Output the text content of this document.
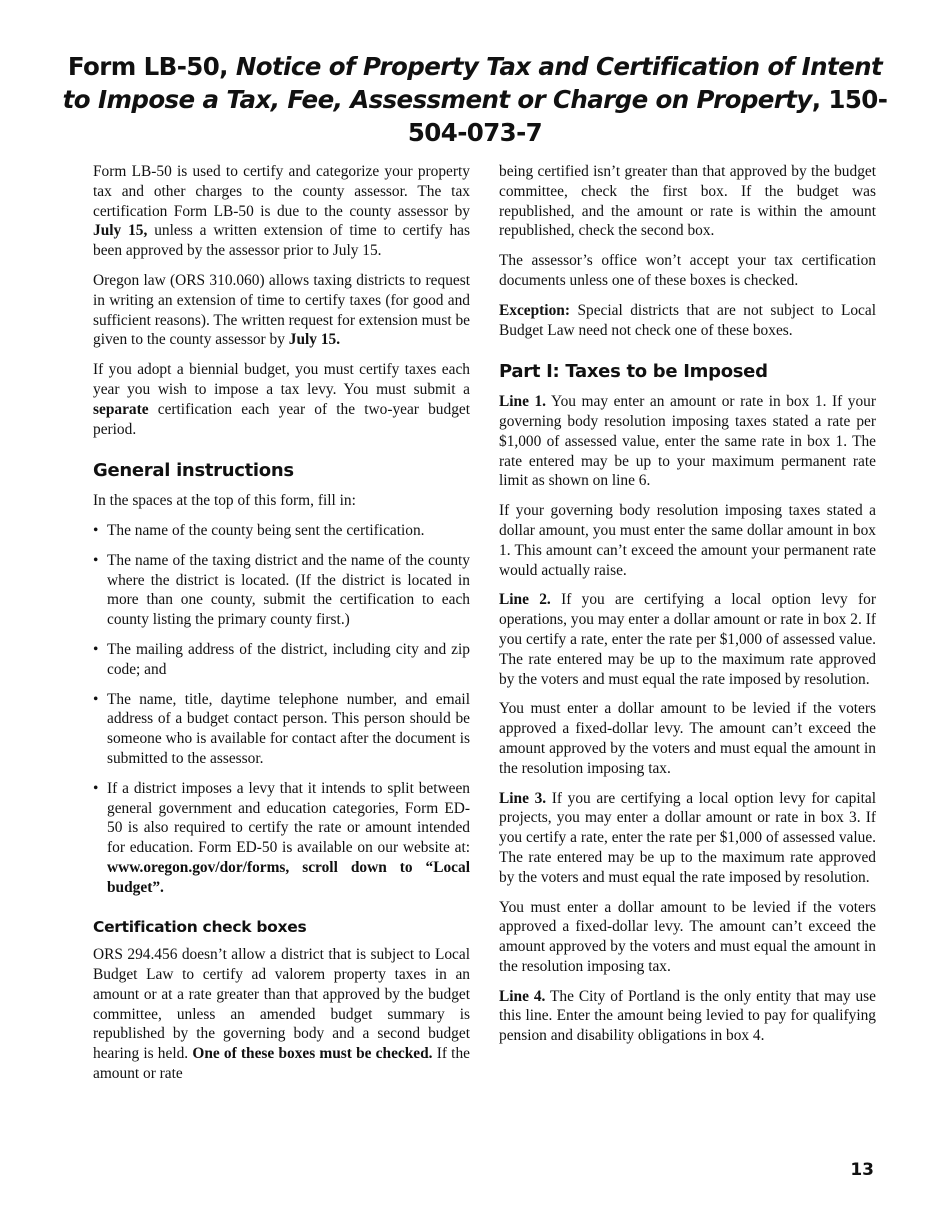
Form LB-50, Notice of Property Tax and Certification of Intent to Impose a Tax, Fee, Assessment or Charge on Property, 150-504-073-7

Form LB-50 is used to certify and categorize your property tax and other charges to the county assessor. The tax certification Form LB-50 is due to the county assessor by July 15, unless a written extension of time to certify has been approved by the assessor prior to July 15.

Oregon law (ORS 310.060) allows taxing districts to request in writing an extension of time to certify taxes (for good and sufficient reasons). The written request for extension must be given to the county assessor by July 15.

If you adopt a biennial budget, you must certify taxes each year you wish to impose a tax levy. You must submit a separate certification each year of the two-year budget period.

General instructions

In the spaces at the top of this form, fill in:

• The name of the county being sent the certification.
• The name of the taxing district and the name of the county where the district is located. (If the district is located in more than one county, submit the certification to each county listing the primary county first.)
• The mailing address of the district, including city and zip code; and
• The name, title, daytime telephone number, and email address of a budget contact person. This person should be someone who is available for contact after the document is submitted to the assessor.
• If a district imposes a levy that it intends to split between general government and education categories, Form ED-50 is also required to certify the rate or amount intended for education. Form ED-50 is available on our website at: www.oregon.gov/dor/forms, scroll down to “Local budget”.
Certification check boxes

ORS 294.456 doesn’t allow a district that is subject to Local Budget Law to certify ad valorem property taxes in an amount or at a rate greater than that approved by the budget committee, unless an amended budget summary is republished by the governing body and a second budget hearing is held. One of these boxes must be checked. If the amount or rate

being certified isn’t greater than that approved by the budget committee, check the first box. If the budget was republished, and the amount or rate is within the amount republished, check the second box.

The assessor’s office won’t accept your tax certification documents unless one of these boxes is checked.

Exception: Special districts that are not subject to Local Budget Law need not check one of these boxes.

Part I: Taxes to be Imposed

Line 1. You may enter an amount or rate in box 1. If your governing body resolution imposing taxes stated a rate per $1,000 of assessed value, enter the same rate in box 1. The rate entered may be up to your maximum permanent rate limit as shown on line 6.

If your governing body resolution imposing taxes stated a dollar amount, you must enter the same dollar amount in box 1. This amount can’t exceed the amount your permanent rate would actually raise.

Line 2. If you are certifying a local option levy for operations, you may enter a dollar amount or rate in box 2. If you certify a rate, enter the rate per $1,000 of assessed value. The rate entered may be up to the maximum rate approved by the voters and must equal the rate imposed by resolution.

You must enter a dollar amount to be levied if the voters approved a fixed-dollar levy. The amount can’t exceed the amount approved by the voters and must equal the amount in the resolution imposing tax.

Line 3. If you are certifying a local option levy for capital projects, you may enter a dollar amount or rate in box 3. If you certify a rate, enter the rate per $1,000 of assessed value. The rate entered may be up to the maximum rate approved by the voters and must equal the rate imposed by resolution.

You must enter a dollar amount to be levied if the voters approved a fixed-dollar levy. The amount can’t exceed the amount approved by the voters and must equal the amount in the resolution imposing tax.

Line 4. The City of Portland is the only entity that may use this line. Enter the amount being levied to pay for qualifying pension and disability obligations in box 4.

13
